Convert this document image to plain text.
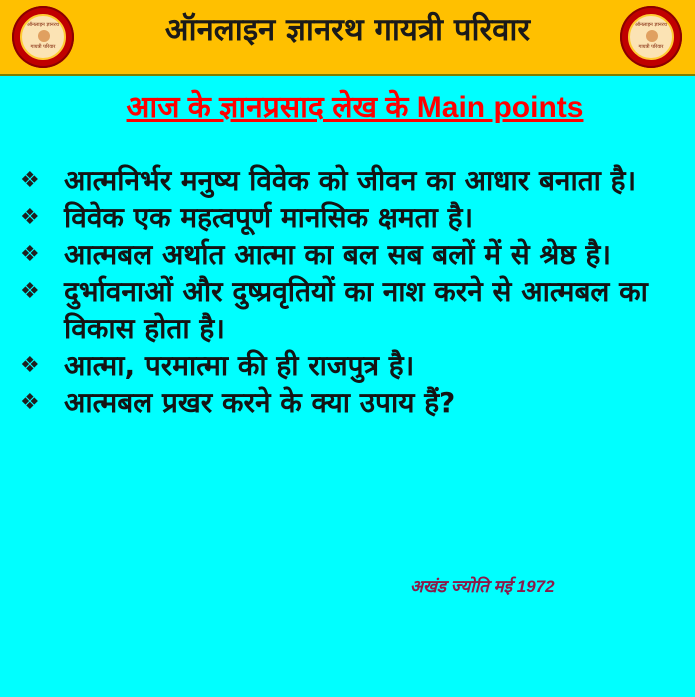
ऑनलाइन ज्ञानरथ
गायत्री परिवार	ऑनलाइन ज्ञानरथ गायत्री परिवार	ऑनलाइन ज्ञानरथ
गायत्री परिवार
आज के ज्ञानप्रसाद लेख के Main points
❖ आत्मनिर्भर मनुष्य विवेक को जीवन का आधार बनाता है।
❖ विवेक एक महत्वपूर्ण मानसिक क्षमता है।
❖ आत्मबल अर्थात आत्मा का बल सब बलों में से श्रेष्ठ है।
❖ दुर्भावनाओं और दुष्प्रवृतियों का नाश करने से आत्मबल का विकास होता है।
❖ आत्मा, परमात्मा की ही राजपुत्र है।
❖ आत्मबल प्रखर करने के क्या उपाय हैं?
अखंड ज्योति मई 1972
